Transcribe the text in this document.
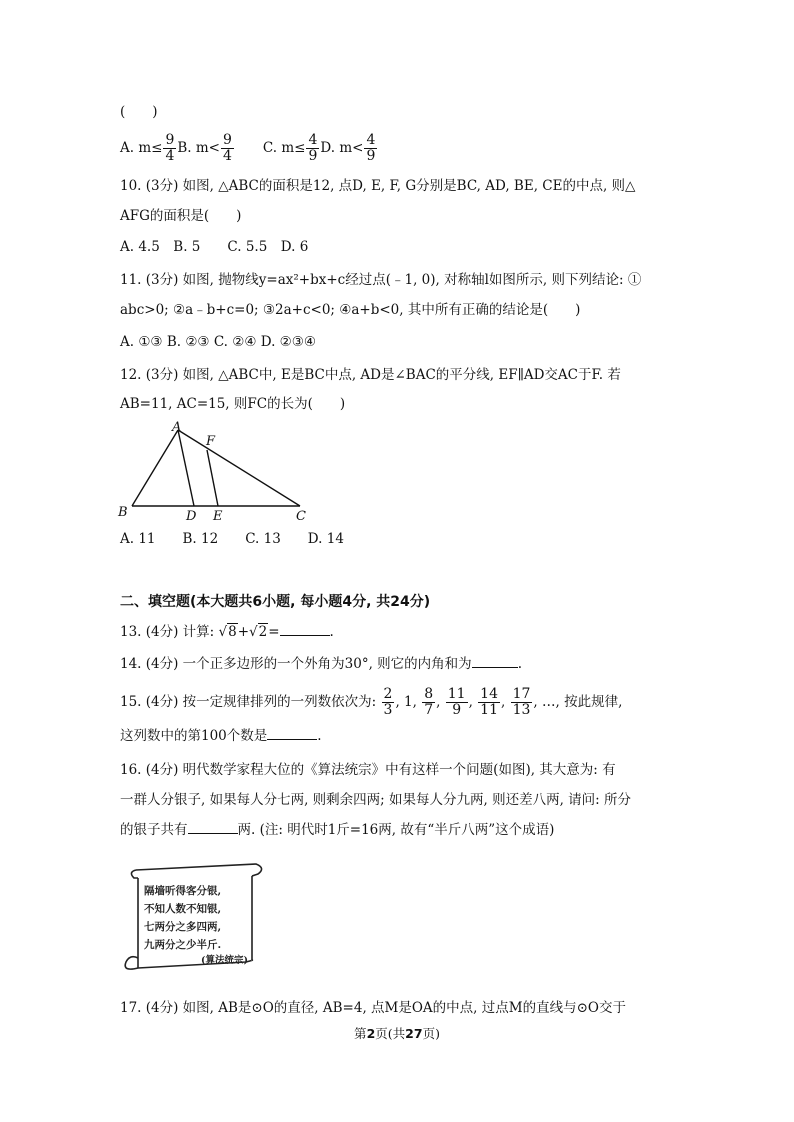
(　　)
A. $m\le \frac{9}{4} B$. $m< \frac{9}{4} C$. $m\le \frac{4}{9} D$. $m< \frac{4}{9}$
10. (3分) 如图, △ABC的面积是12, 点D, E, F, G分别是BC, AD, BE, CE的中点, 则△
AFG的面积是(　　)
A. 4.5　B. 5　　C. 5.5　D. 6
11. (3分) 如图, 抛物线y=ax²+bx+c经过点(﹣1, 0), 对称轴l如图所示, 则下列结论: ①
abc>0; ②a﹣b+c=0; ③2a+c<0; ④a+b<0, 其中所有正确的结论是(　　)
A. ①③ B. ②③ C. ②④ D. ②③④
12. (3分) 如图, △ABC中, E是BC中点, AD是∠BAC的平分线, EF∥AD交AC于F. 若
AB=11, AC=15, 则FC的长为(　　)
A
F
B	D E	C
A. 11　　B. 12　　C. 13　　D. 14
二、填空题(本大题共6小题, 每小题4分, 共24分)
13. (4分) 计算: √8+√2=	.
14. (4分) 一个正多边形的一个外角为30°, 则它的内角和为	.
15. (4分) 按一定规律排列的一列数依次为: $\frac{2}{3}$ , 1, $\frac{8}{7}$ , $\frac{11}{9}$ , $\frac{14}{11}$ , $\frac{17}{13}$ , …, 按此规律,
这列数中的第100个数是	.
16. (4分) 明代数学家程大位的《算法统宗》中有这样一个问题(如图), 其大意为: 有
一群人分银子, 如果每人分七两, 则剩余四两; 如果每人分九两, 则还差八两, 请问: 所分
的银子共有	两. (注: 明代时1斤=16两, 故有“半斤八两”这个成语)
隔墙听得客分银,
不知人数不知银,
七两分之多四两,
九两分之少半斤.
(算法统宗)
17. (4分) 如图, AB是⊙O的直径, AB=4, 点M是OA的中点, 过点M的直线与⊙O交于
第2页(共27页)
